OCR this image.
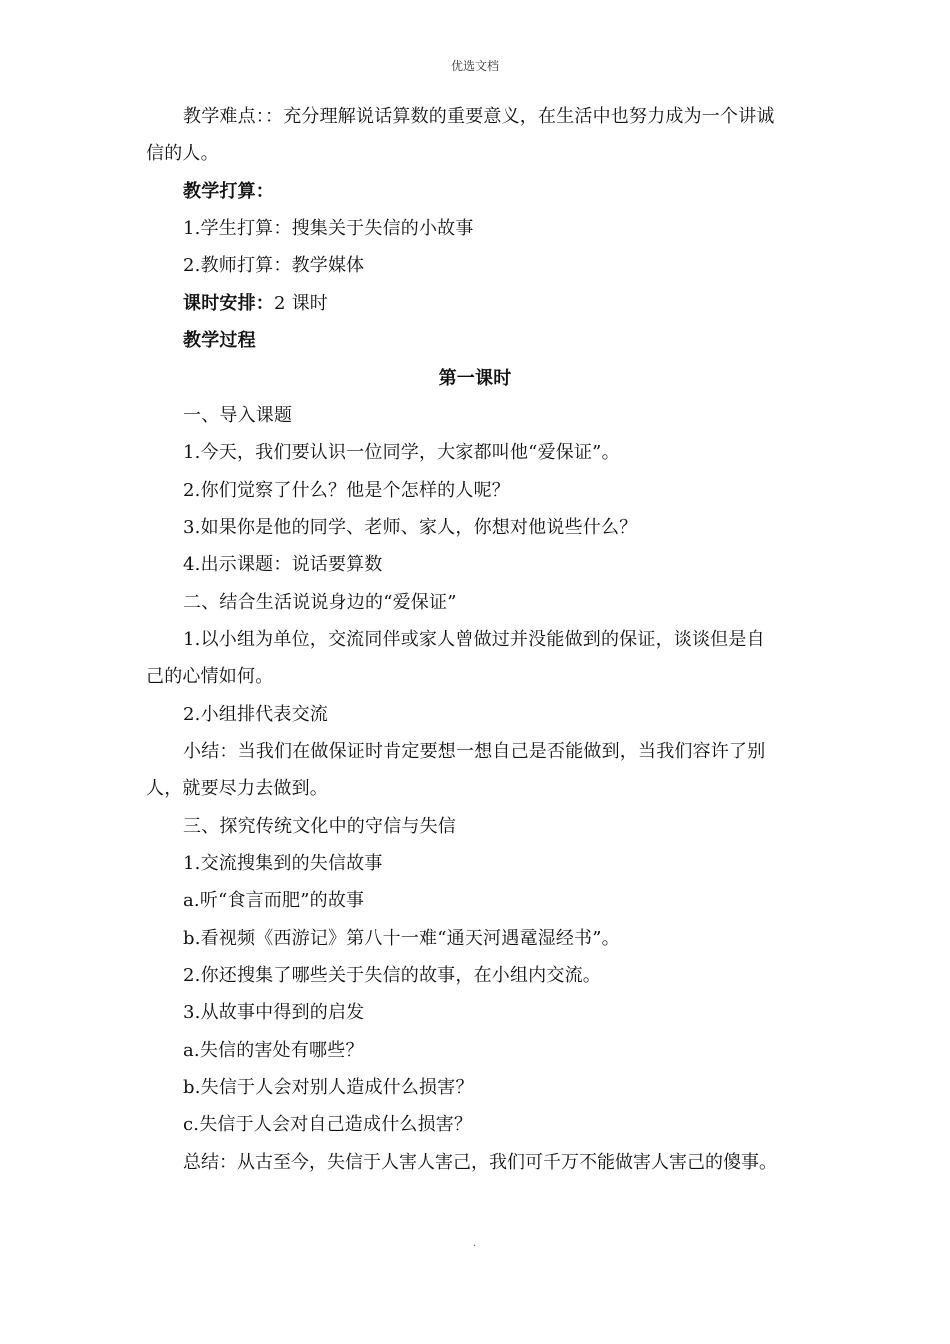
优选文档
教学难点：：充分理解说话算数的重要意义，在生活中也努力成为一个讲诚
信的人。
教学打算：
1.学生打算：搜集关于失信的小故事
2.教师打算：教学媒体
课时安排：2 课时
教学过程
第一课时
一、导入课题
1.今天，我们要认识一位同学，大家都叫他“爱保证”。
2.你们觉察了什么？他是个怎样的人呢？
3.如果你是他的同学、老师、家人，你想对他说些什么？
4.出示课题：说话要算数
二、结合生活说说身边的“爱保证”
1.以小组为单位，交流同伴或家人曾做过并没能做到的保证，谈谈但是自
己的心情如何。
2.小组排代表交流
小结：当我们在做保证时肯定要想一想自己是否能做到，当我们容许了别
人，就要尽力去做到。
三、探究传统文化中的守信与失信
1.交流搜集到的失信故事
a.听“食言而肥”的故事
b.看视频《西游记》第八十一难“通天河遇鼋湿经书”。
2.你还搜集了哪些关于失信的故事，在小组内交流。
3.从故事中得到的启发
a.失信的害处有哪些？
b.失信于人会对别人造成什么损害？
c.失信于人会对自己造成什么损害？
总结：从古至今，失信于人害人害己，我们可千万不能做害人害己的傻事。
.
